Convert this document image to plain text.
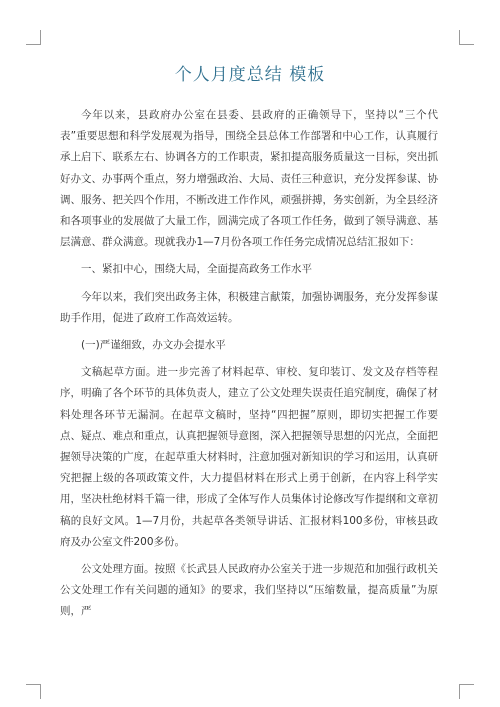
个人月度总结 模板

今年以来，县政府办公室在县委、县政府的正确领导下，坚持以“三个代表”重要思想和科学发展观为指导，围绕全县总体工作部署和中心工作，认真履行承上启下、联系左右、协调各方的工作职责，紧扣提高服务质量这一目标，突出抓好办文、办事两个重点，努力增强政治、大局、责任三种意识，充分发挥参谋、协调、服务、把关四个作用，不断改进工作作风，顽强拼搏，务实创新，为全县经济和各项事业的发展做了大量工作，圆满完成了各项工作任务，做到了领导满意、基层满意、群众满意。现就我办1—7月份各项工作任务完成情况总结汇报如下：

一、紧扣中心，围绕大局，全面提高政务工作水平

今年以来，我们突出政务主体，积极建言献策，加强协调服务，充分发挥参谋助手作用，促进了政府工作高效运转。

(一)严谨细致，办文办会提水平

文稿起草方面。进一步完善了材料起草、审校、复印装订、发文及存档等程序，明确了各个环节的具体负责人，建立了公文处理失误责任追究制度，确保了材料处理各环节无漏洞。在起草文稿时，坚持“四把握”原则，即切实把握工作要点、疑点、难点和重点，认真把握领导意图，深入把握领导思想的闪光点，全面把握领导决策的广度，在起草重大材料时，注意加强对新知识的学习和运用，认真研究把握上级的各项政策文件，大力提倡材料在形式上勇于创新，在内容上科学实用，坚决杜绝材料千篇一律，形成了全体写作人员集体讨论修改写作提纲和文章初稿的良好文风。1—7月份，共起草各类领导讲话、汇报材料100多份，审核县政府及办公室文件200多份。

公文处理方面。按照《长武县人民政府办公室关于进一步规范和加强行政机关公文处理工作有关问题的通知》的要求，我们坚持以“压缩数量，提高质量”为原则，严
